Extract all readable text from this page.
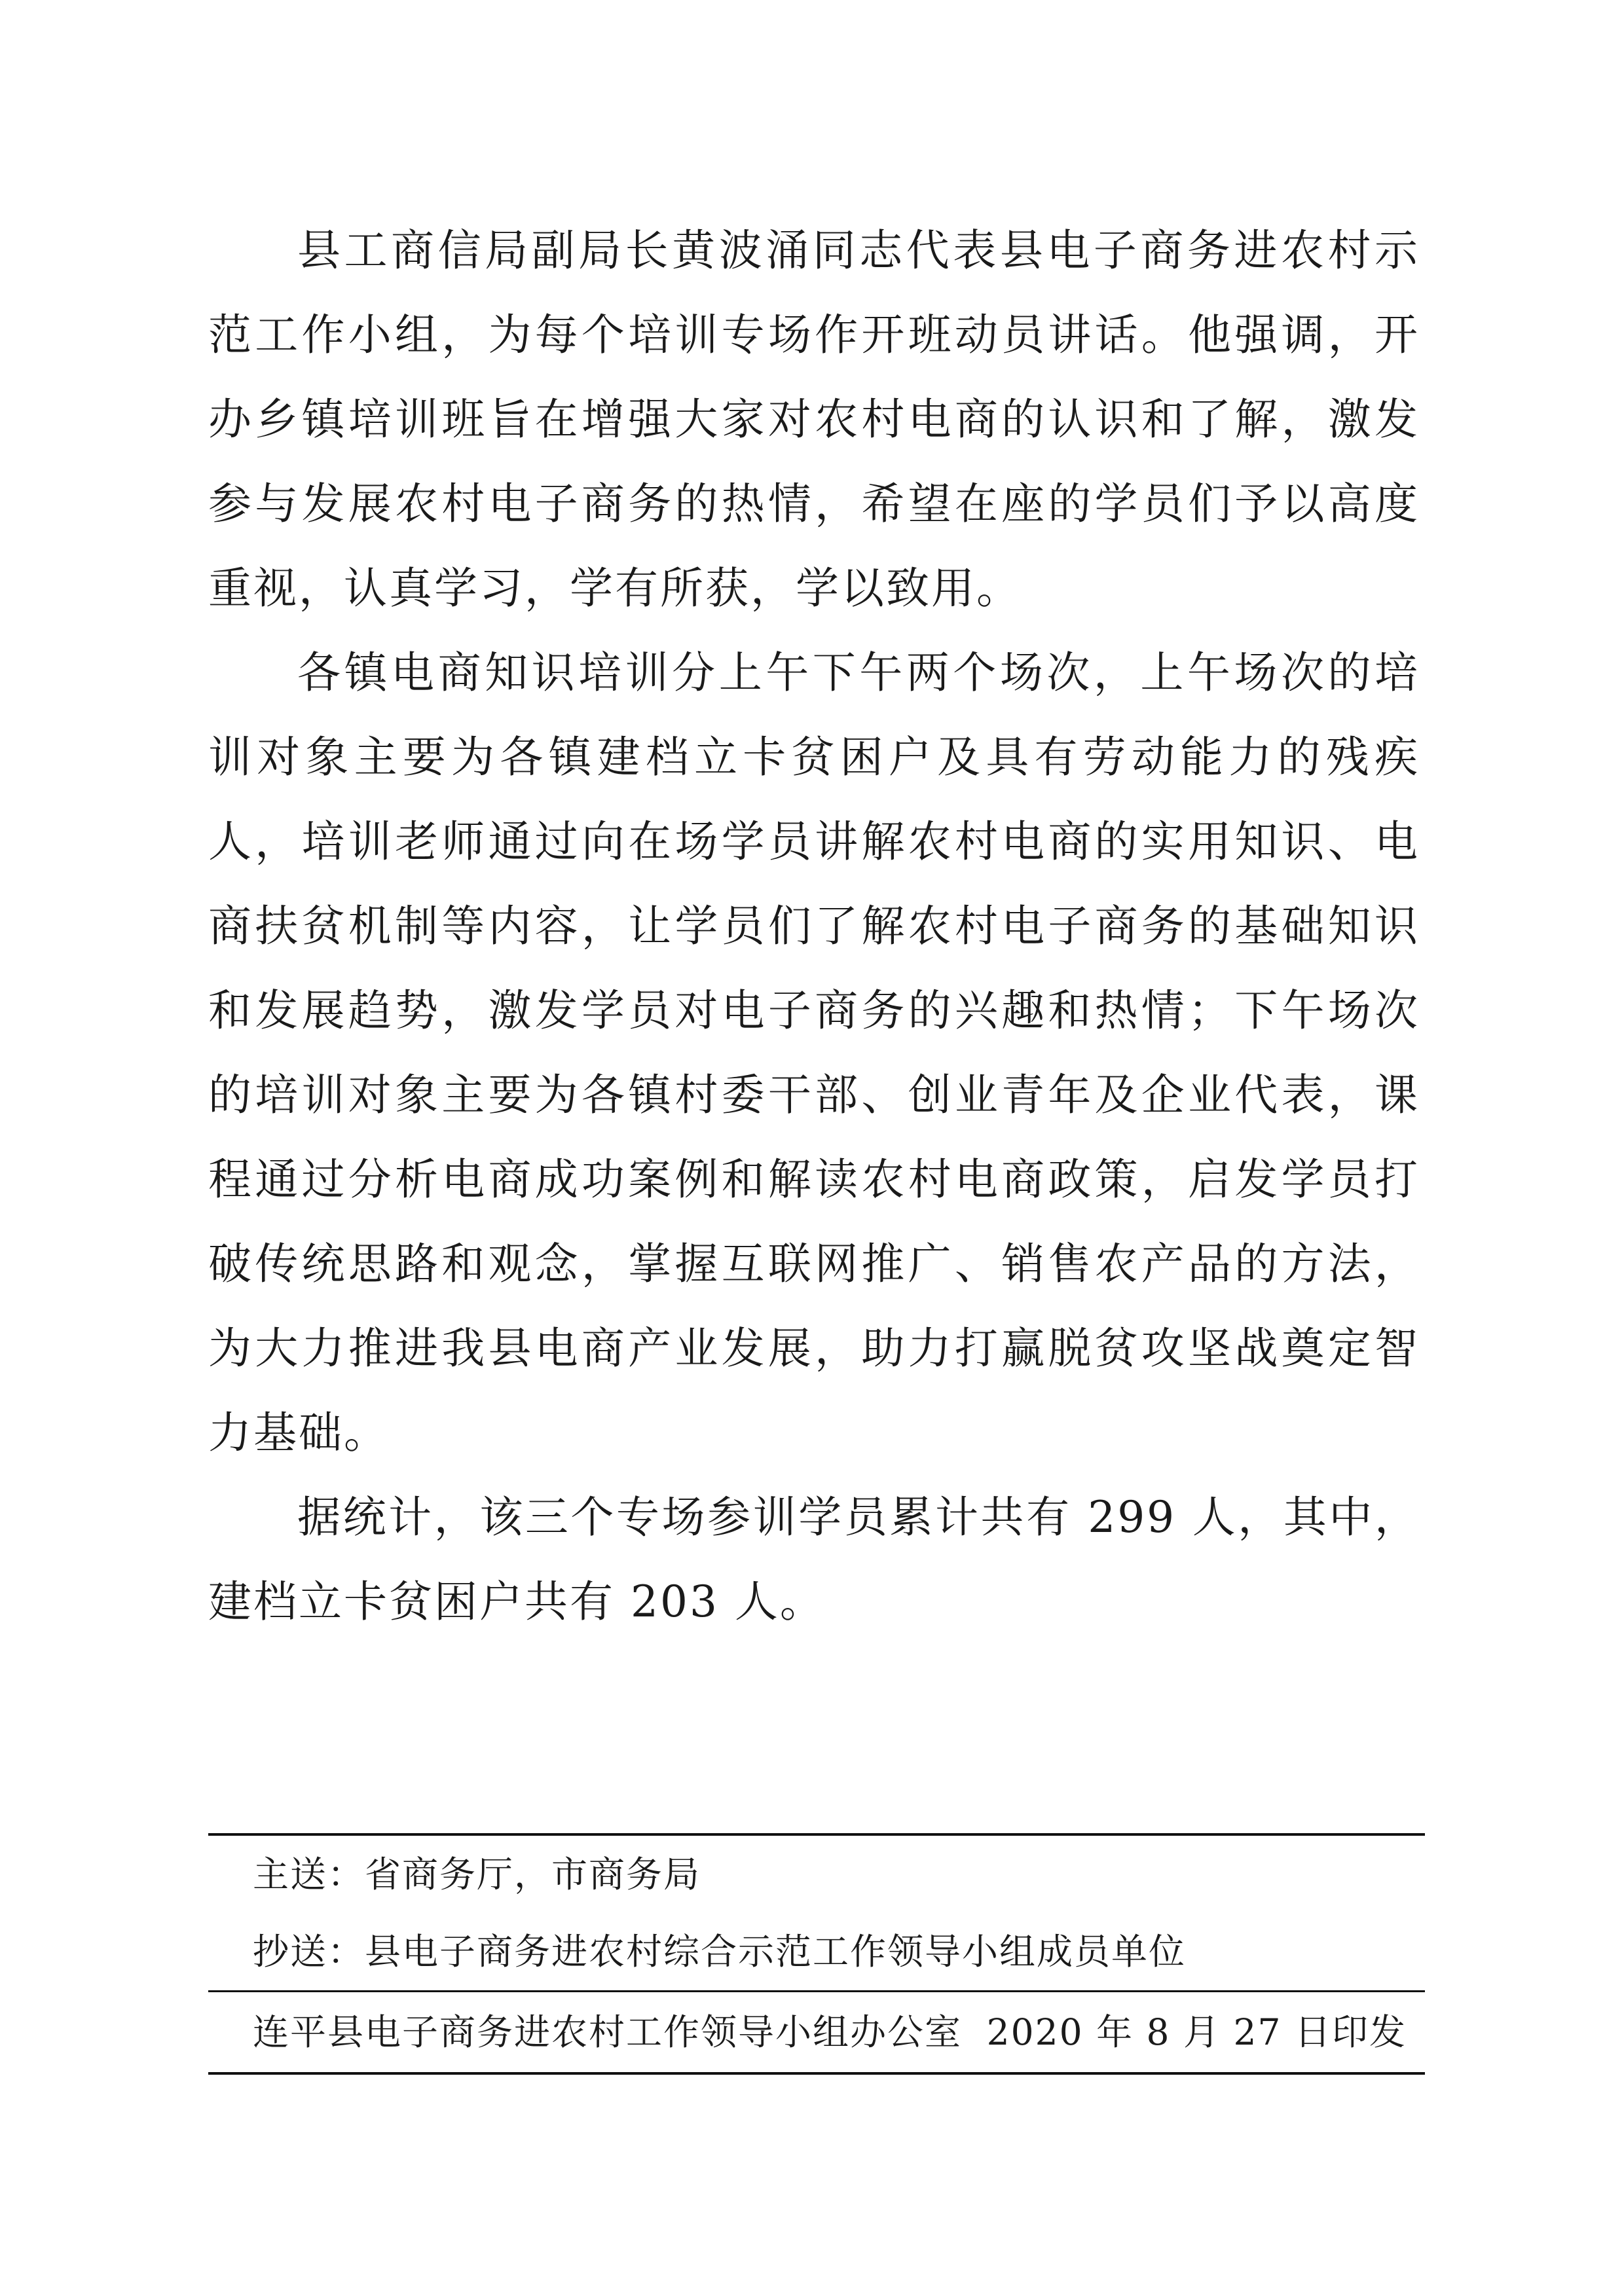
县工商信局副局长黄波涌同志代表县电子商务进农村示范工作小组，为每个培训专场作开班动员讲话。他强调，开办乡镇培训班旨在增强大家对农村电商的认识和了解，激发参与发展农村电子商务的热情，希望在座的学员们予以高度重视，认真学习，学有所获，学以致用。

各镇电商知识培训分上午下午两个场次，上午场次的培训对象主要为各镇建档立卡贫困户及具有劳动能力的残疾人，培训老师通过向在场学员讲解农村电商的实用知识、电商扶贫机制等内容，让学员们了解农村电子商务的基础知识和发展趋势，激发学员对电子商务的兴趣和热情；下午场次的培训对象主要为各镇村委干部、创业青年及企业代表，课程通过分析电商成功案例和解读农村电商政策，启发学员打破传统思路和观念，掌握互联网推广、销售农产品的方法，为大力推进我县电商产业发展，助力打赢脱贫攻坚战奠定智力基础。

据统计，该三个专场参训学员累计共有 299 人，其中，建档立卡贫困户共有 203 人。

主送：省商务厅，市商务局
抄送：县电子商务进农村综合示范工作领导小组成员单位
连平县电子商务进农村工作领导小组办公室 2020 年 8 月 27 日印发
